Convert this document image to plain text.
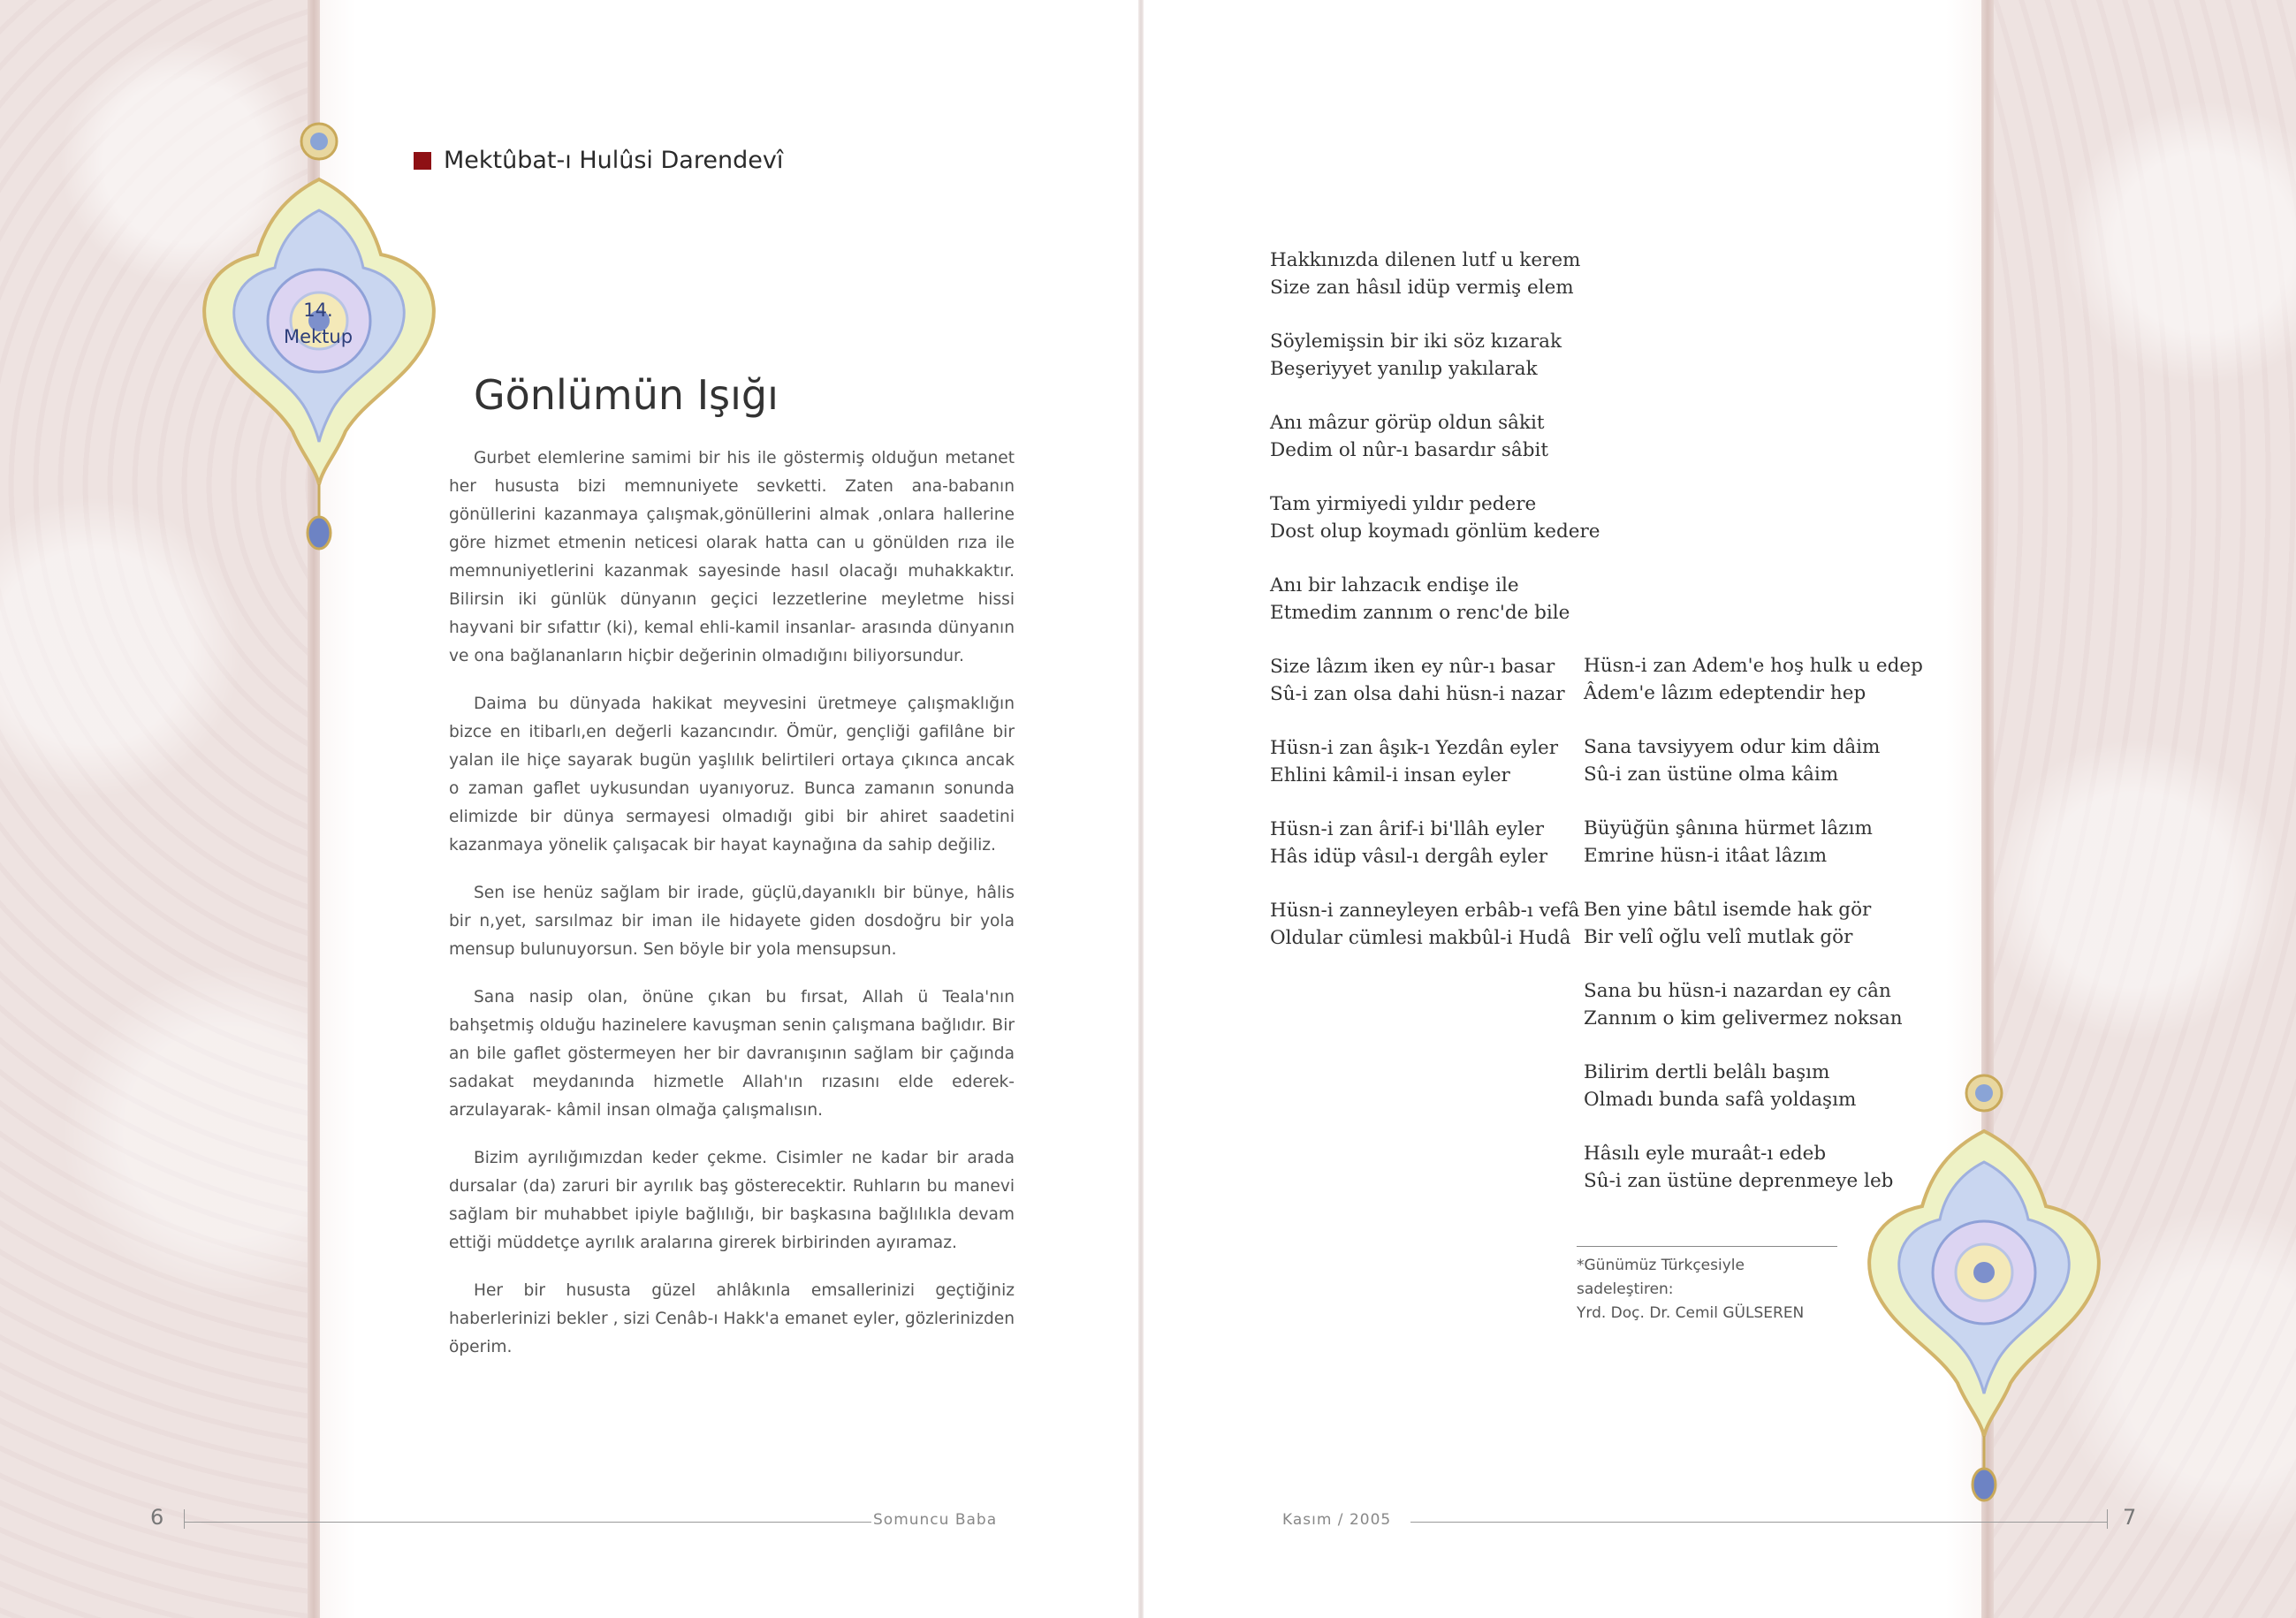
Mektûbat-ı Hulûsi Darendevî
14.
Mektup
Gönlümün Işığı

Gurbet elemlerine samimi bir his ile göstermiş olduğun metanet her hususta bizi memnuniyete sevketti. Zaten ana-babanın gönüllerini kazanmaya çalışmak,gönüllerini almak ,onlara hallerine göre hizmet etmenin neticesi olarak hatta can u gönülden rıza ile memnuniyetlerini kazanmak sayesinde hasıl olacağı muhakkaktır. Bilirsin iki günlük dünyanın geçici lezzetlerine meyletme hissi hayvani bir sıfattır (ki), kemal ehli-kamil insanlar- arasında dünyanın ve ona bağlananların hiçbir değerinin olmadığını biliyorsundur.

Daima bu dünyada hakikat meyvesini üretmeye çalışmaklığın bizce en itibarlı,en değerli kazancındır. Ömür, gençliği gafilâne bir yalan ile hiçe sayarak bugün yaşlılık belirtileri ortaya çıkınca ancak o zaman gaflet uykusundan uyanıyoruz. Bunca zamanın sonunda elimizde bir dünya sermayesi olmadığı gibi bir ahiret saadetini kazanmaya yönelik çalışacak bir hayat kaynağına da sahip değiliz.

Sen ise henüz sağlam bir irade, güçlü,dayanıklı bir bünye, hâlis bir n,yet, sarsılmaz bir iman ile hidayete giden dosdoğru bir yola mensup bulunuyorsun. Sen böyle bir yola mensupsun.

Sana nasip olan, önüne çıkan bu fırsat, Allah ü Teala'nın bahşetmiş olduğu hazinelere kavuşman senin çalışmana bağlıdır. Bir an bile gaflet göstermeyen her bir davranışının sağlam bir çağında sadakat meydanında hizmetle Allah'ın rızasını elde ederek-arzulayarak- kâmil insan olmağa çalışmalısın.

Bizim ayrılığımızdan keder çekme. Cisimler ne kadar bir arada dursalar (da) zaruri bir ayrılık baş gösterecektir. Ruhların bu manevi sağlam bir muhabbet ipiyle bağlılığı, bir başkasına bağlılıkla devam ettiği müddetçe ayrılık aralarına girerek birbirinden ayıramaz.

Her bir hususta güzel ahlâkınla emsallerinizi geçtiğiniz haberlerinizi bekler , sizi Cenâb-ı Hakk'a emanet eyler, gözlerinizden öperim.

Hakkınızda dilenen lutf u kerem
Size zan hâsıl idüp vermiş elem
Söylemişsin bir iki söz kızarak
Beşeriyyet yanılıp yakılarak
Anı mâzur görüp oldun sâkit
Dedim ol nûr-ı basardır sâbit
Tam yirmiyedi yıldır pedere
Dost olup koymadı gönlüm kedere
Anı bir lahzacık endişe ile
Etmedim zannım o renc'de bile
Size lâzım iken ey nûr-ı basar
Sû-i zan olsa dahi hüsn-i nazar
Hüsn-i zan âşık-ı Yezdân eyler
Ehlini kâmil-i insan eyler
Hüsn-i zan ârif-i bi'llâh eyler
Hâs idüp vâsıl-ı dergâh eyler
Hüsn-i zanneyleyen erbâb-ı vefâ
Oldular cümlesi makbûl-i Hudâ
Hüsn-i zan Adem'e hoş hulk u edep
Âdem'e lâzım edeptendir hep
Sana tavsiyyem odur kim dâim
Sû-i zan üstüne olma kâim
Büyüğün şânına hürmet lâzım
Emrine hüsn-i itâat lâzım
Ben yine bâtıl isemde hak gör
Bir velî oğlu velî mutlak gör
Sana bu hüsn-i nazardan ey cân
Zannım o kim gelivermez noksan
Bilirim dertli belâlı başım
Olmadı bunda safâ yoldaşım
Hâsılı eyle muraât-ı edeb
Sû-i zan üstüne deprenmeye leb
*Günümüz Türkçesiyle sadeleştiren:
Yrd. Doç. Dr. Cemil GÜLSEREN
6	Somuncu Baba	Kasım / 2005	7
